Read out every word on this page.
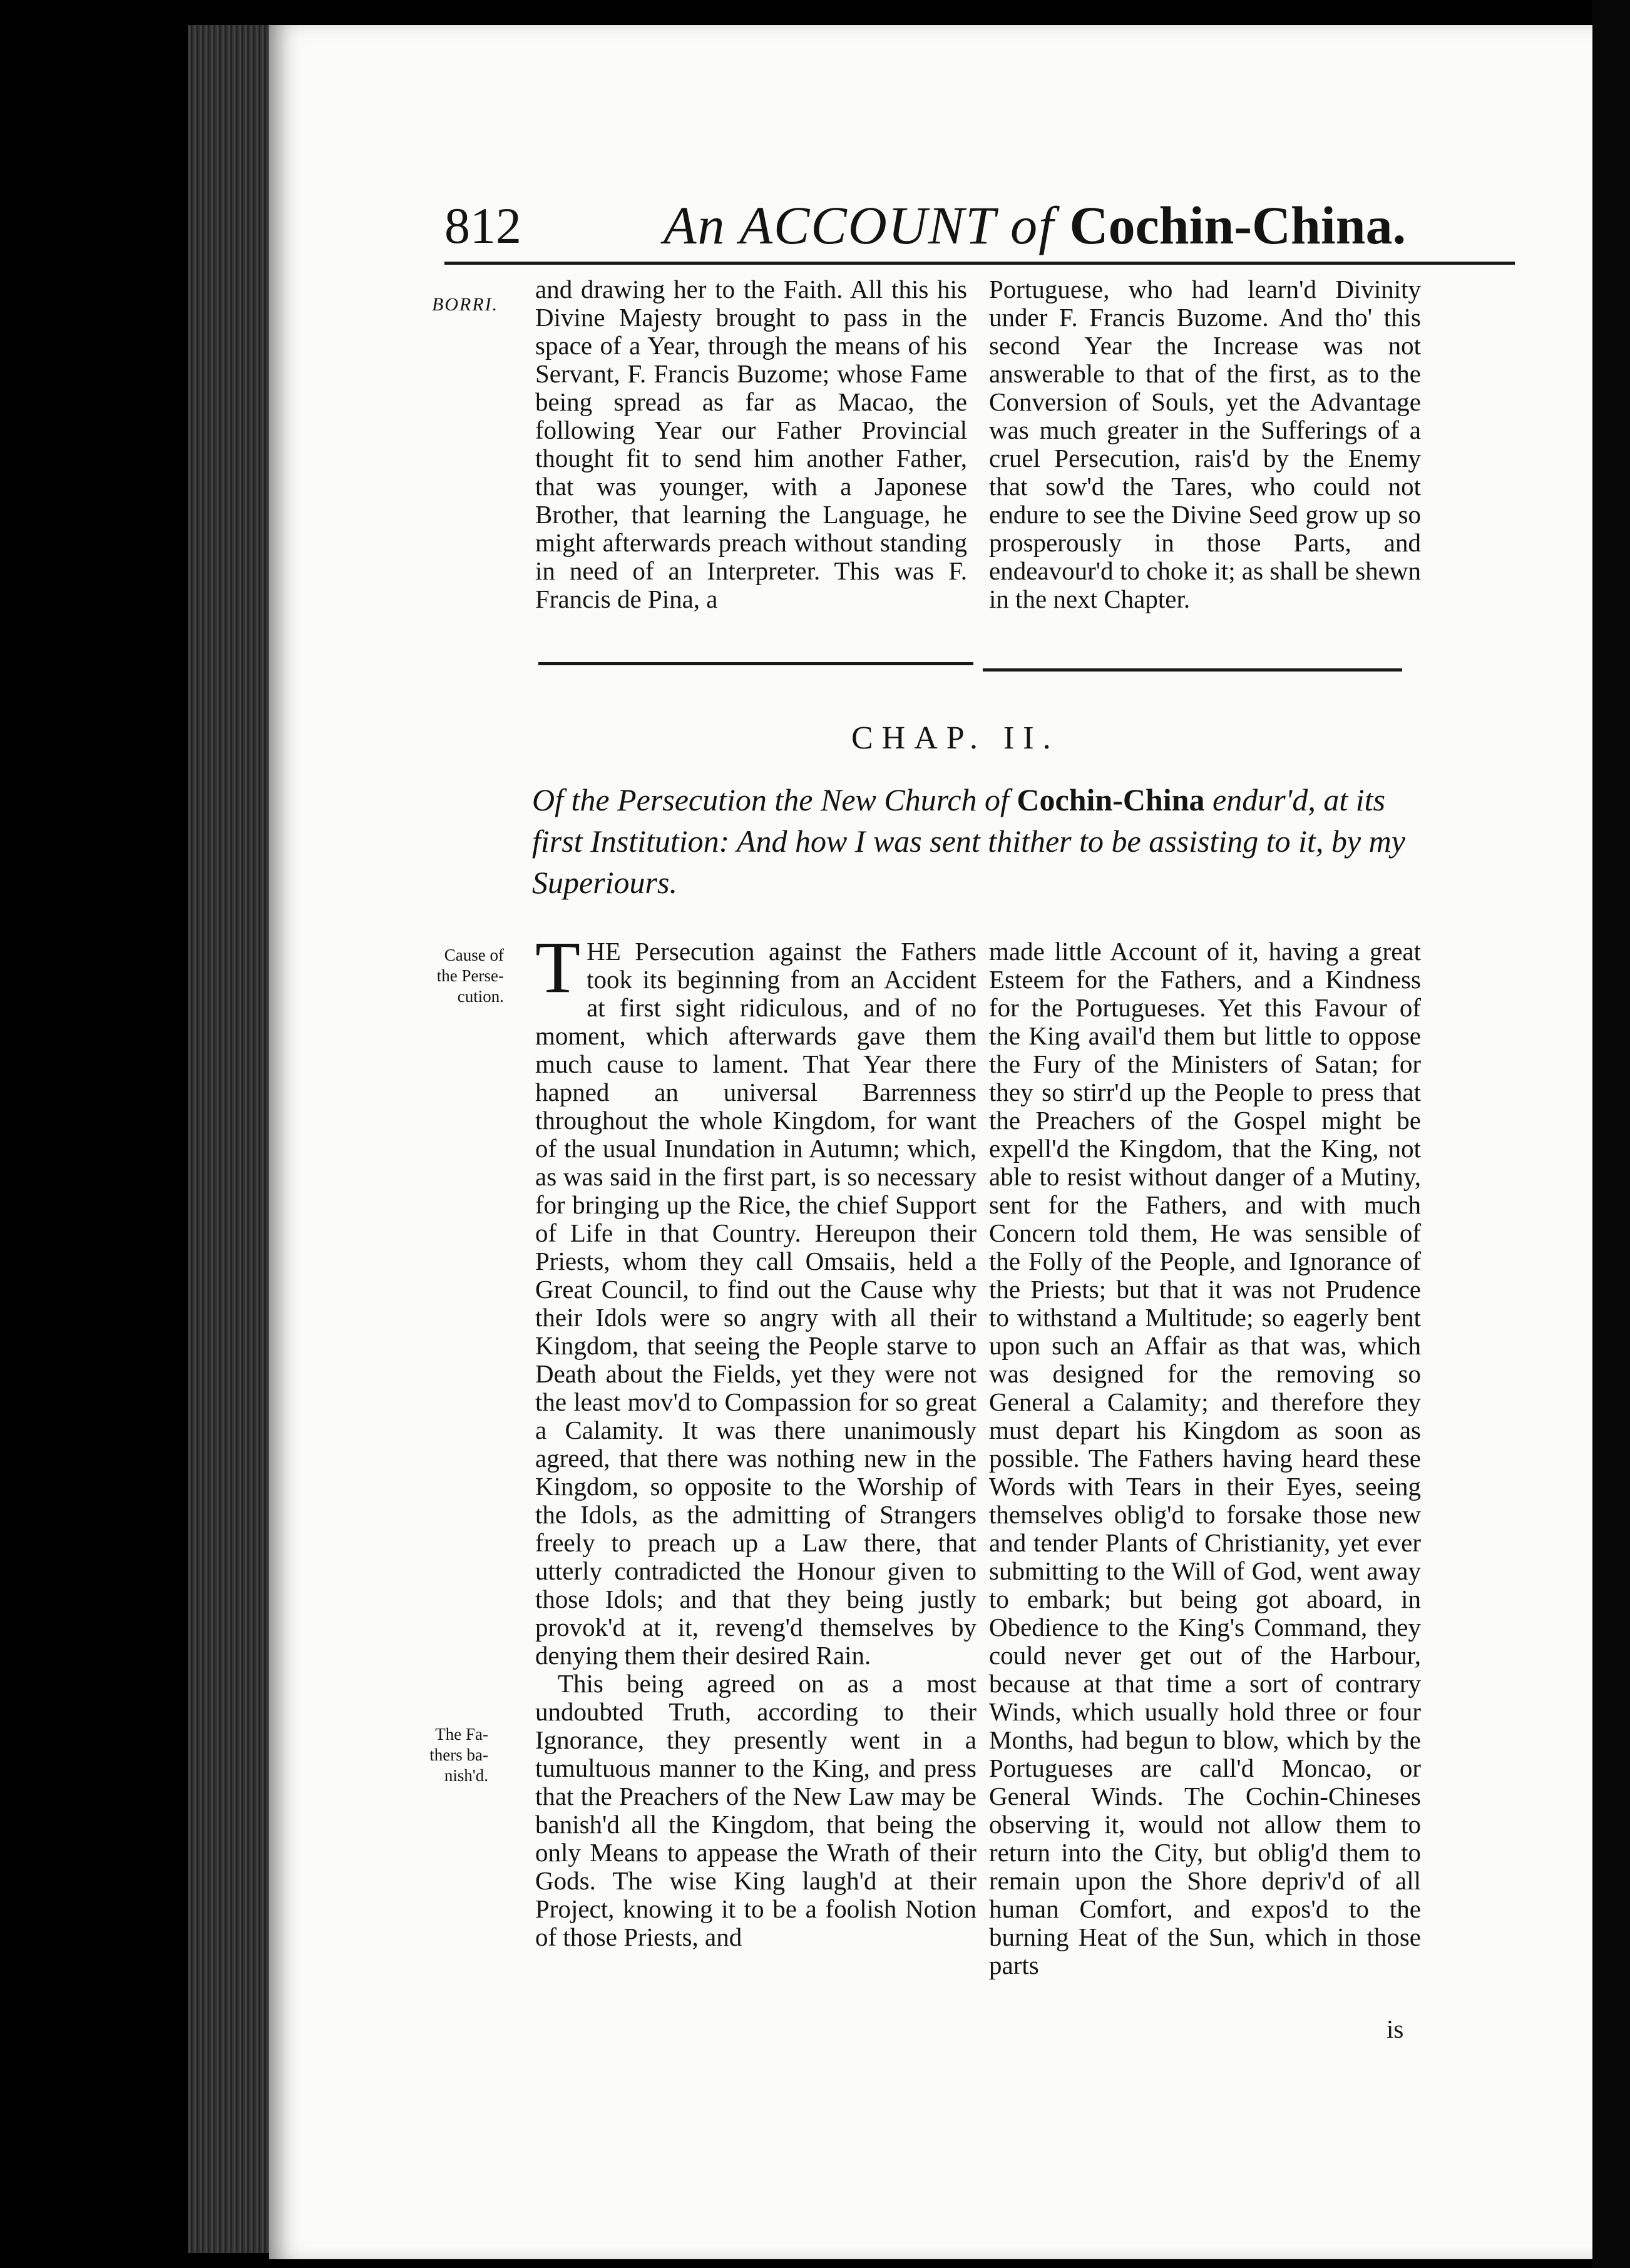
812	An ACCOUNT of Cochin-China.
BORRI.

and drawing her to the Faith. All this his Divine Majesty brought to pass in the space of a Year, through the means of his Servant, F. Francis Buzome; whose Fame being spread as far as Macao, the following Year our Father Provincial thought fit to send him another Father, that was younger, with a Japonese Brother, that learning the Language, he might afterwards preach without standing in need of an Interpreter. This was F. Francis de Pina, a

Portuguese, who had learn'd Divinity under F. Francis Buzome. And tho' this second Year the Increase was not answerable to that of the first, as to the Conversion of Souls, yet the Advantage was much greater in the Sufferings of a cruel Persecution, rais'd by the Enemy that sow'd the Tares, who could not endure to see the Divine Seed grow up so prosperously in those Parts, and endeavour'd to choke it; as shall be shewn in the next Chapter.

CHAP. II.
Of the Persecution the New Church of Cochin-China endur'd, at its first Institution: And how I was sent thither to be assisting to it, by my Superiours.
Cause of the Perse-cution.
The Fa-thers ba-nish'd.

THE Persecution against the Fathers took its beginning from an Accident at first sight ridiculous, and of no moment, which afterwards gave them much cause to lament. That Year there hapned an universal Barrenness throughout the whole Kingdom, for want of the usual Inundation in Autumn; which, as was said in the first part, is so necessary for bringing up the Rice, the chief Support of Life in that Country. Hereupon their Priests, whom they call Omsaiis, held a Great Council, to find out the Cause why their Idols were so angry with all their Kingdom, that seeing the People starve to Death about the Fields, yet they were not the least mov'd to Compassion for so great a Calamity. It was there unanimously agreed, that there was nothing new in the Kingdom, so opposite to the Worship of the Idols, as the admitting of Strangers freely to preach up a Law there, that utterly contradicted the Honour given to those Idols; and that they being justly provok'd at it, reveng'd themselves by denying them their desired Rain.

This being agreed on as a most undoubted Truth, according to their Ignorance, they presently went in a tumultuous manner to the King, and press that the Preachers of the New Law may be banish'd all the Kingdom, that being the only Means to appease the Wrath of their Gods. The wise King laugh'd at their Project, knowing it to be a foolish Notion of those Priests, and

made little Account of it, having a great Esteem for the Fathers, and a Kindness for the Portugueses. Yet this Favour of the King avail'd them but little to oppose the Fury of the Ministers of Satan; for they so stirr'd up the People to press that the Preachers of the Gospel might be expell'd the Kingdom, that the King, not able to resist without danger of a Mutiny, sent for the Fathers, and with much Concern told them, He was sensible of the Folly of the People, and Ignorance of the Priests; but that it was not Prudence to withstand a Multitude; so eagerly bent upon such an Affair as that was, which was designed for the removing so General a Calamity; and therefore they must depart his Kingdom as soon as possible. The Fathers having heard these Words with Tears in their Eyes, seeing themselves oblig'd to forsake those new and tender Plants of Christianity, yet ever submitting to the Will of God, went away to embark; but being got aboard, in Obedience to the King's Command, they could never get out of the Harbour, because at that time a sort of contrary Winds, which usually hold three or four Months, had begun to blow, which by the Portugueses are call'd Moncao, or General Winds. The Cochin-Chineses observing it, would not allow them to return into the City, but oblig'd them to remain upon the Shore depriv'd of all human Comfort, and expos'd to the burning Heat of the Sun, which in those parts

is
